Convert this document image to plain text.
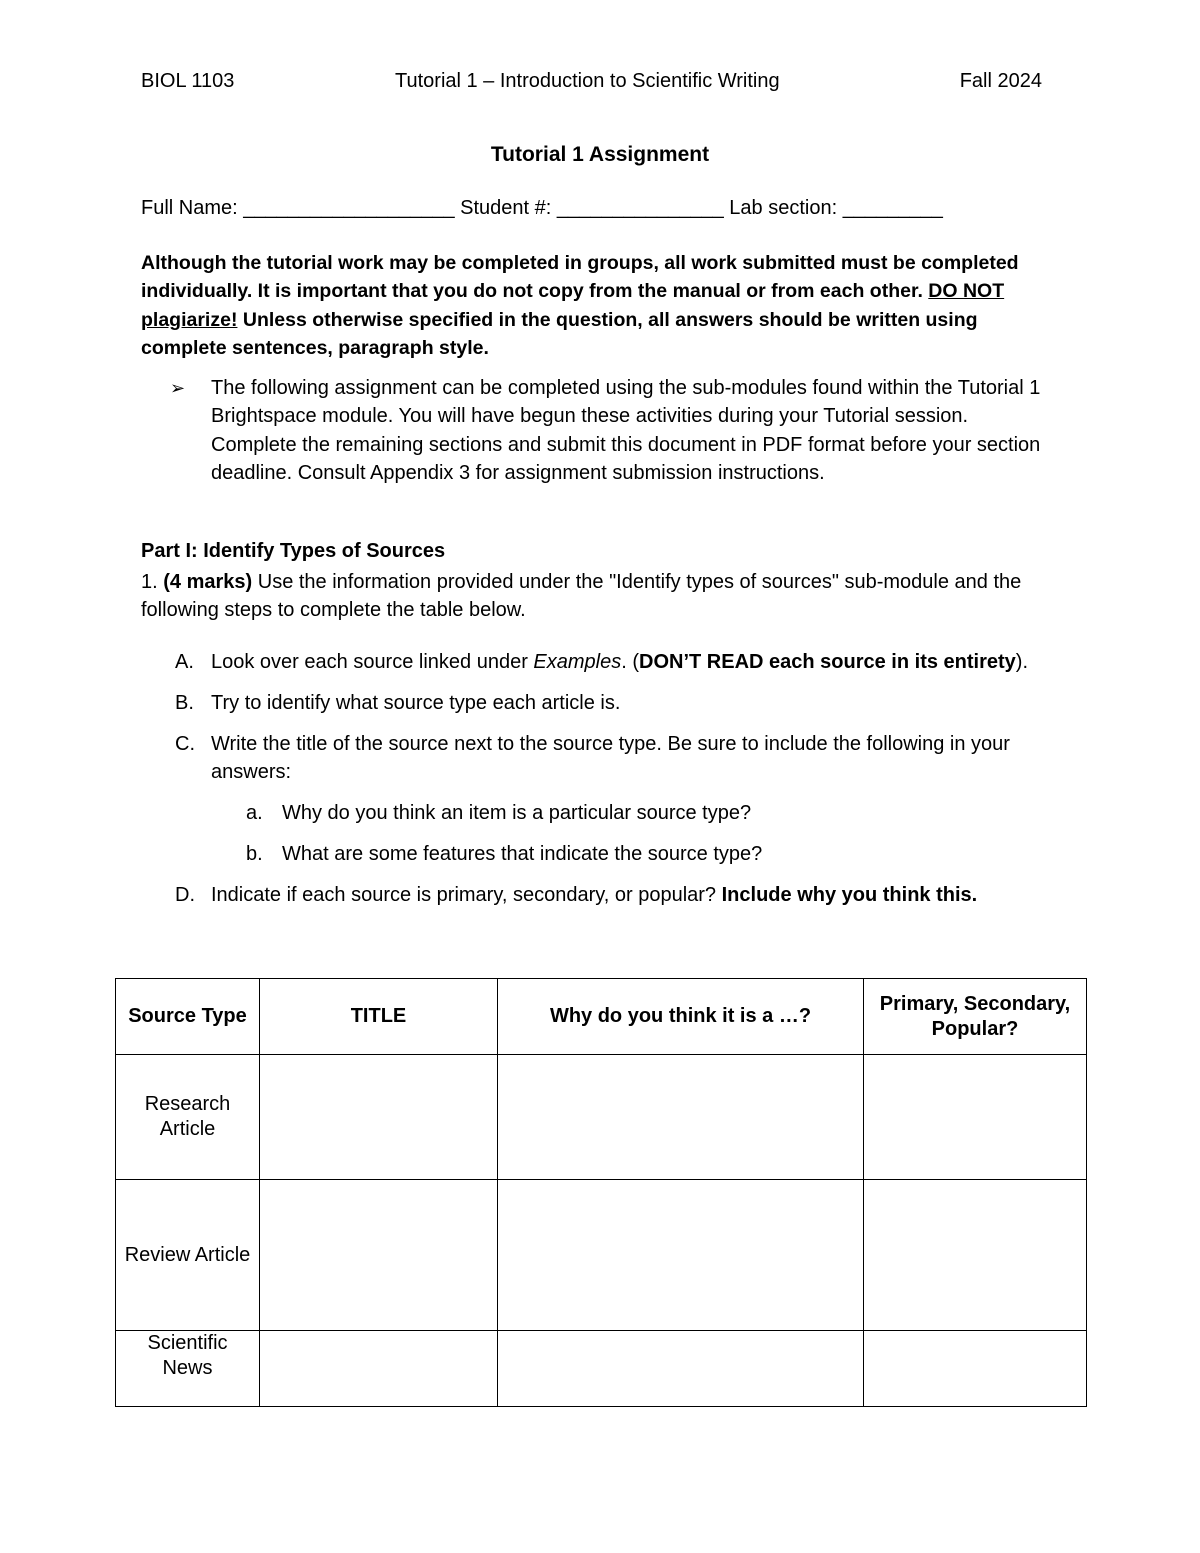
BIOL 1103	Tutorial 1 – Introduction to Scientific Writing	Fall 2024
Tutorial 1 Assignment
Full Name: ___________________ Student #: _______________ Lab section: _________
Although the tutorial work may be completed in groups, all work submitted must be completed individually. It is important that you do not copy from the manual or from each other. DO NOT plagiarize! Unless otherwise specified in the question, all answers should be written using complete sentences, paragraph style.
➢ The following assignment can be completed using the sub-modules found within the Tutorial 1 Brightspace module. You will have begun these activities during your Tutorial session. Complete the remaining sections and submit this document in PDF format before your section deadline. Consult Appendix 3 for assignment submission instructions.
Part I: Identify Types of Sources
1. (4 marks) Use the information provided under the "Identify types of sources" sub-module and the following steps to complete the table below.
A. Look over each source linked under Examples. (DON’T READ each source in its entirety).
B. Try to identify what source type each article is.
C. Write the title of the source next to the source type. Be sure to include the following in your answers:
a. Why do you think an item is a particular source type?
b. What are some features that indicate the source type?
D. Indicate if each source is primary, secondary, or popular? Include why you think this.
Source Type	TITLE	Why do you think it is a …?	Primary, Secondary, Popular?
Research Article			
Review Article			
Scientific News			
